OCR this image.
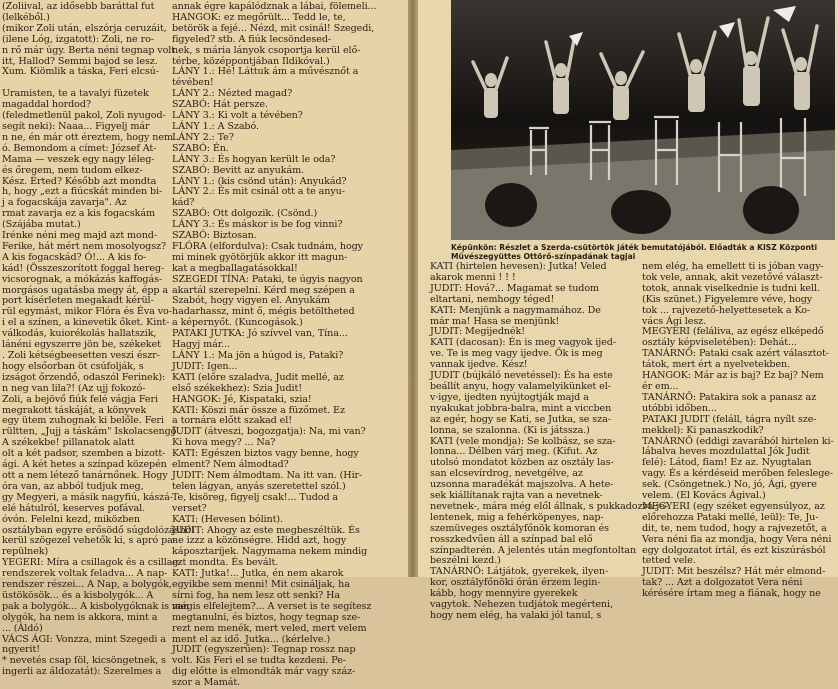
(Zoliival, az idősebb baráttal fut
(lelkéből.)
(mikor Zoli után, elszórja ceruzáit,
(ilene Lóg, izgatott): Zoli, ne ro-
n rő már úgy. Berta néni tegnap volt
itt, Hallod? Semmi bajod se lesz.
Xum. Kiömlik a táska, Feri elcsú-

Uramisten, te a tavalyi füzetek
magaddal hordod?
(feledmetlenül pakol, Zoli nyugod-
segít neki): Naaa... Figyelj már
n ne, én már ott éreztem, hogy nem
ó. Bemondom a címet: József At-
Mama — veszek egy nagy léleg-
és őregem, nem tudom elkez-
Kész. Érted? Később azt mondta
h, hogy „ezt a fiúcskát minden bi-
j a fogacskája zavarja". Az
rmat zavarja ez a kis fogacskám
(Szájába mutat.)
Irénke néni meg majd azt mond-
Ferike, hát mért nem mosolyogsz?
A kis fogacskád? Ó!... A kis fo-
kád! (Összeszorított foggal hereg-
vicsorognak, a mókázás kaffogás-
morgásos ugatásba megy át, épp a
port kísérleten megakadt kérül-
rül egymást, mikor Flóra és Éva vo-
i el a színen, a kinevetik őket. Kint-
válkodás, kuiorékolás hallatszik,
lánéni egyszerre jön be, székeket
. Zoli kétségbeesetten veszi észr-
hogy elsőorban öt csúfolják, s
izságot őrzendő, odaszól Ferinek):
n neg van lila?! (Az ujj fokozó-
Zoli, a bejövő fiúk felé vágja Feri
megrakott táskáját, a könyvek
egy ütem zuhognak ki belőle. Feri
rültten, „Jujj a táskám" Iskolacsengő
A székekbe! pillanatok alatt
olt a két padsor, szemben a bizott-
ági. A két hetes a színpad közepén
ott a nem létező tanárnőnek. Hogy
óra van, az abból tudjuk meg,
gy Megyeri, a másik nagyfiú, kászá-
elé hátulról, keserves pofával.
óvón. Felelni kezd, miközben
osztályban egyre erősödő súgdolózásból
kerül szögezel vehetők ki, s apró pa-
repülnek)
YEGERI: Míra a csillagok és a csillag-
rendszerek voltak feladva... A nap-
rendszer részei... A Nap, a bolygók,
üstökösök... és a kisbolygók... A
pak a bolygók... A kisbolygóknak is van
olygók, ha nem is akkora, mint a
... (Áldó)
VÁCS ÁGI: Vonzza, mint Szegedi a
ngyerit!
* nevetés csap föl, kicsöngetnek, s
ingerli az áldozatát): Szerelmes a
annak égre kapálódznak a lábai, fölemeli...
HANGOK: ez megőrült... Tedd le, te,
betörök a fejé... Nézd, mit csinál! Szegedi,
figyeled? stb. A fiúk lecsöndesed-
nek, s mária lányok csoportja kerül elő-
térbe, középpontjában Ildikóval.)
LÁNY 1.: Hé! Láttuk ám a művésznőt a
tévében!
LÁNY 2.: Nézted magad?
SZABÓ: Hát persze.
LÁNY 3.: Ki volt a tévében?
LÁNY 1.: A Szabó.
LÁNY 2.: Te?
SZABÓ: Én.
LÁNY 3.: És hogyan került le oda?
SZABÓ: Bevitt az anyukám.
LÁNY 1.: (kis csönd után): Anyukád?
LÁNY 2.: És mit csinál ott a te anyu-
kád?
SZABÓ: Ott dolgozik. (Csönd.)
LÁNY 3.: És máskor is be fog vinni?
SZABÓ: Biztosan.
FLÓRA (elfordulva): Csak tudnám, hogy
mi minek gyötörjük akkor itt magun-
kat a megballagatásokkal!
SZEGEDI TÍNA: Pataki, te úgyis nagyon
akartál szerepelni. Kérd meg szépen a
Szabót, hogy vigyen el. Anyukám
hadarhassz, mint ő, mégis betöltheted
a képernyőt. (Kuncogások.)
PATAKI JUTKA: Jó szívvel van, Tína...
Hagyj már...
LÁNY 1.: Ma jön a húgod is, Pataki?
JUDIT: Igen...
KATI (előre szaladva, Judit mellé, az
első székekhez): Szia Judit!
HANGOK: Jé, Kispataki, szia!
KATI: Köszi már össze a füzőmet. Ez
a tornára előtt szakad el!
JUDIT (átveszi, bogozgatja): Na, mi van?
Ki hova megy? ... Na?
KATI: Egészen biztos vagy benne, hogy
elment? Nem álmodtad?
JUDIT: Nem álmodtam. Na itt van. (Hir-
telen lágyan, anyás szeretettel szól.)
Te, kisöreg, figyelj csak!... Tudod a
verset?
KATI: (Hevesen bólint).
JUDIT: Ahogy az este megbeszéltük. És
ne izzz a közönségre. Hidd azt, hogy
káposztaríjek. Nagymama nekem mindig
ezt mondta. És bevált.
KATI: Jutka!... Jutka, én nem akarok
egyikbe sem menni! Mit csináljak, ha
sírni fog, ha nem lesz ott senki? Ha
mégis elfelejtem?... A verset is te segítesz
megtanulni, és biztos, hogy tegnap sze-
rezt nem menék, mert veled, mert velem
ment el az idő. Jutka... (kérlelve.)
JUDIT (egyszerűen): Tegnap rossz nap
volt. Kis Feri el se tudta kezdeni. Pe-
dig előtte is elmondták már vagy száz-
szor a Mamát.
Képünkön: Részlet a Szerda-csütörtök játék bemutatójából. Előadták a KISZ Központi Művészegyüttes Ottörő-színpadának tagjai
KATI (hirtelen hevesen): Jutka! Veled
akarok menni ! ! !
JUDIT: Hová?... Magamat se tudom
eltartani, nemhogy téged!
KATI: Menjünk a nagymamához. De
már ma! Hasa se menjünk!
JUDIT: Megijednék!
KATI (dacosan): Én is meg vagyok ijed-
ve. Te is meg vagy ijedve. Ők is meg
vannak ijedve. Kész!
JUDIT (bújkáló nevetéssel): És ha este
beállít anyu, hogy valamelyikünket el-
v·igye, ijedten nyújtogtják majd a
nyakukat jobbra-balra, mint a viccben
az egér, hogy se Kati, se Jutka, se sza-
lonna, se szalonna. (Ki is játssza.)
KATI (vele mondja): Se kolbász, se sza-
lonna... Délben várj meg. (Kifut. Az
utolsó mondatot közben az osztály las-
san elcsevírdrog, nevetgélve, az
uzsonna maradékát majszolva. A hete-
sek kiállítanak rajta van a nevetnek-
nevetnek-, mára még elől állnak, s pukkadozva je-
lentenek, mig a fehérköpenyes, nap-
szemüveges osztályfőnök komoran és
rosszkedvűen áll a színpad bal elő
színpadterén. A jelentés után megfontoltan
beszélni kezd.)
TANÁRNŐ: Látjátok, gyerekek, ilyen-
kor, osztályfőnöki órán érzem legin-
kább, hogy mennyire gyerekek
vagytok. Nehezen tudjátok megérteni,
hogy nem elég, ha valaki jól tanul, s
nem elég, ha emellett ti is jóban vagy-
tok vele, annak, akit vezetővé választ-
totok, annak viselkednie is tudni kell.
(Kis szünet.) Figyelemre véve, hogy
tok ... rajvezető-helyettesetek a Ko-
vács Ági lesz.
MEGYERI (feláliva, az egész elképedő
osztály képviseletében): Dehát...
TANÁRNŐ: Pataki csak azért választot-
tátok, mert ért a nyelvetekben.
HANGOK: Már az is baj? Ez baj? Nem
ér em...
TANÁRNŐ: Patakira sok a panasz az
utóbbi időben...
PATAKI JUDIT (feláll, tágra nyílt sze-
mekkel): Ki panaszkodik?
TANÁRNŐ (eddigi zavarából hirtelen ki-
lábalva heves mozdulattal Jók Judit
felé): Látod, fiam! Ez az. Nyugtalan
vagy. És a kérdéseid merőben feleslege-
sek. (Csöngetnek.) No, jó, Ági, gyere
velem. (El Kovács Ágival.)
MEGYERI (egy széket egyensúlyoz, az
előrehozza Pataki mellé, leül): Te, Ju-
dit, te, nem tudod, hogy a rajvezetőt, a
Vera néni fia az mondja, hogy Vera néni
egy dolgozatot írtál, és ezt kiszúrásból
tetted vele.
JUDIT: Mit beszélsz? Hát mér elmond-
tak? ... Azt a dolgozatot Vera néni
kérésére írtam meg a fiának, hogy ne
